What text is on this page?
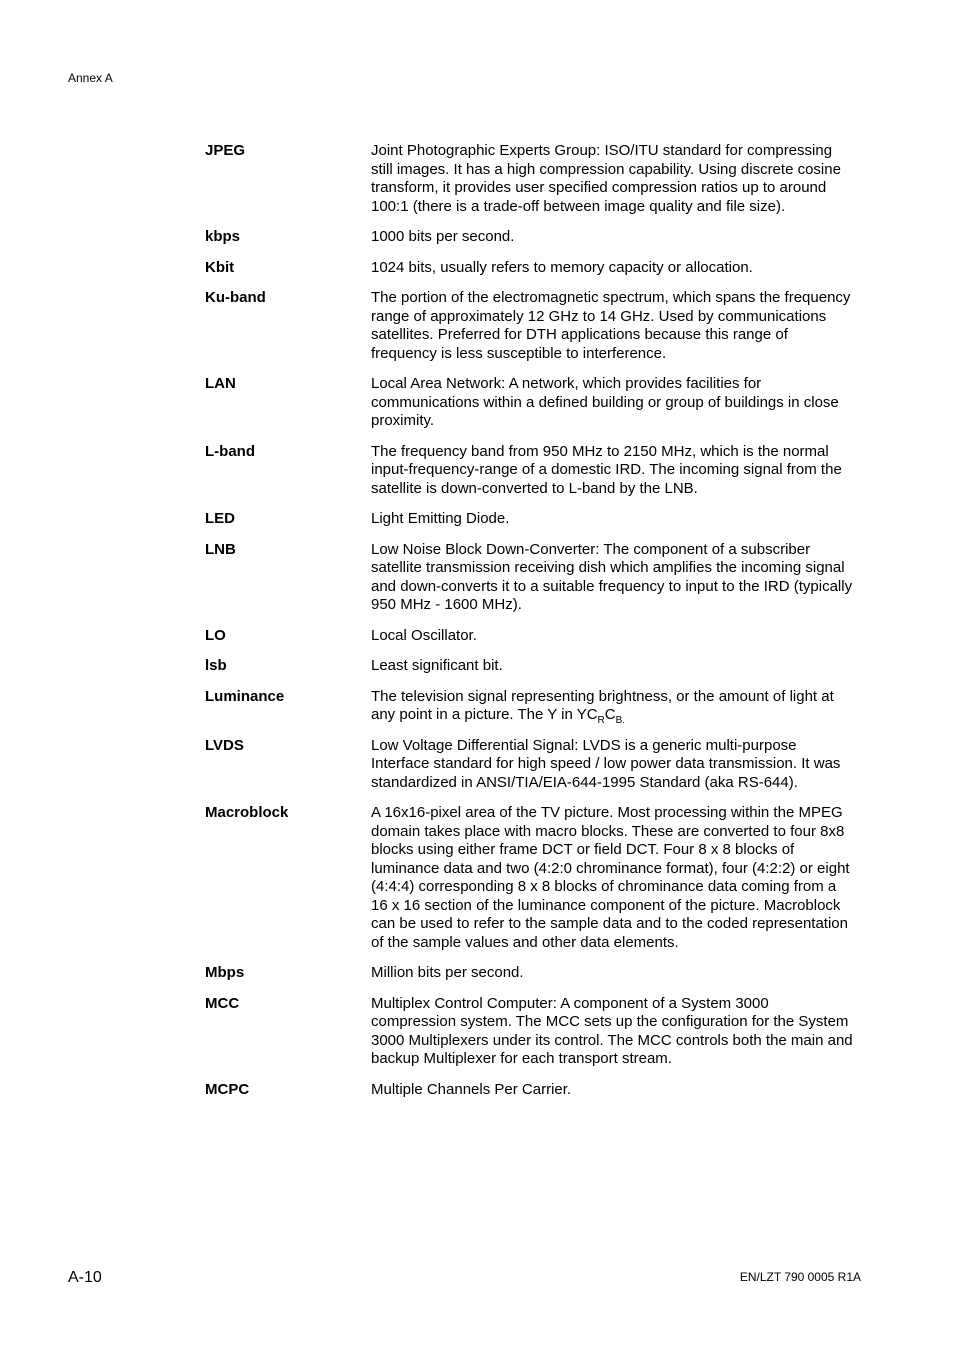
Annex A
JPEG	Joint Photographic Experts Group: ISO/ITU standard for compressing still images. It has a high compression capability. Using discrete cosine transform, it provides user specified compression ratios up to around 100:1 (there is a trade-off between image quality and file size).
kbps	1000 bits per second.
Kbit	1024 bits, usually refers to memory capacity or allocation.
Ku-band	The portion of the electromagnetic spectrum, which spans the frequency range of approximately 12 GHz to 14 GHz. Used by communications satellites. Preferred for DTH applications because this range of frequency is less susceptible to interference.
LAN	Local Area Network: A network, which provides facilities for communications within a defined building or group of buildings in close proximity.
L-band	The frequency band from 950 MHz to 2150 MHz, which is the normal input-frequency-range of a domestic IRD. The incoming signal from the satellite is down-converted to L-band by the LNB.
LED	Light Emitting Diode.
LNB	Low Noise Block Down-Converter: The component of a subscriber satellite transmission receiving dish which amplifies the incoming signal and down-converts it to a suitable frequency to input to the IRD (typically 950 MHz - 1600 MHz).
LO	Local Oscillator.
lsb	Least significant bit.
Luminance	The television signal representing brightness, or the amount of light at any point in a picture. The Y in $YC_RC_{B.}$
LVDS	Low Voltage Differential Signal: LVDS is a generic multi-purpose Interface standard for high speed / low power data transmission. It was standardized in ANSI/TIA/EIA-644-1995 Standard (aka RS-644).
Macroblock	A 16x16-pixel area of the TV picture. Most processing within the MPEG domain takes place with macro blocks. These are converted to four 8x8 blocks using either frame DCT or field DCT. Four 8 x 8 blocks of luminance data and two (4:2:0 chrominance format), four (4:2:2) or eight (4:4:4) corresponding 8 x 8 blocks of chrominance data coming from a 16 x 16 section of the luminance component of the picture. Macroblock can be used to refer to the sample data and to the coded representation of the sample values and other data elements.
Mbps	Million bits per second.
MCC	Multiplex Control Computer: A component of a System 3000 compression system. The MCC sets up the configuration for the System 3000 Multiplexers under its control. The MCC controls both the main and backup Multiplexer for each transport stream.
MCPC	Multiple Channels Per Carrier.
A-10	EN/LZT 790 0005 R1A
